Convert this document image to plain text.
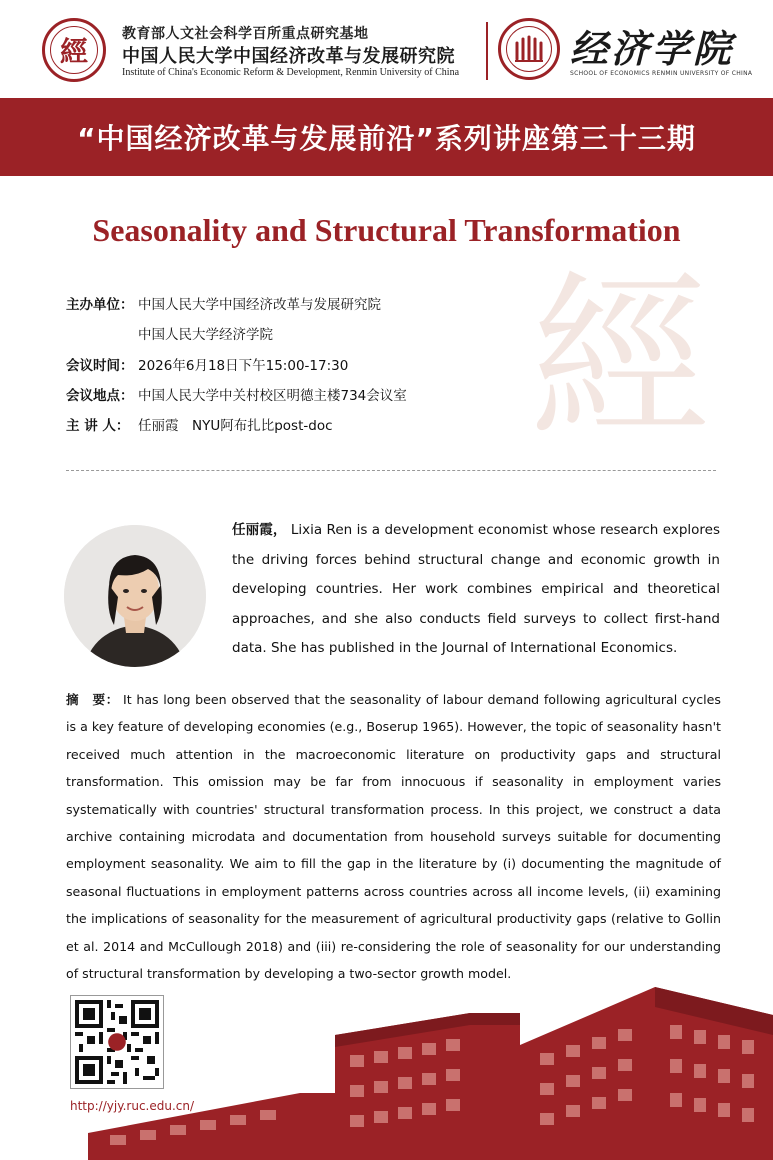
經
教育部人文社会科学百所重点研究基地
中国人民大学中国经济改革与发展研究院
Institute of China's Economic Reform & Development, Renmin University of China
经济学院
SCHOOL OF ECONOMICS RENMIN UNIVERSITY OF CHINA
“中国经济改革与发展前沿”系列讲座第三十三期
經
Seasonality and Structural Transformation
主办单位： 中国人民大学中国经济改革与发展研究院
中国人民大学经济学院
会议时间： 2026年6月18日下午15:00-17:30
会议地点： 中国人民大学中关村校区明德主楼734会议室
主 讲 人： 任丽霞　NYU阿布扎比post-doc
任丽霞， Lixia Ren is a development economist whose research explores the driving forces behind structural change and economic growth in developing countries. Her work combines empirical and theoretical approaches, and she also conducts field surveys to collect first-hand data. She has published in the Journal of International Economics.
摘　要： It has long been observed that the seasonality of labour demand following agricultural cycles is a key feature of developing economies (e.g., Boserup 1965). However, the topic of seasonality hasn't received much attention in the macroeconomic literature on productivity gaps and structural transformation. This omission may be far from innocuous if seasonality in employment varies systematically with countries' structural transformation process. In this project, we construct a data archive containing microdata and documentation from household surveys suitable for documenting employment seasonality. We aim to fill the gap in the literature by (i) documenting the magnitude of seasonal fluctuations in employment patterns across countries across all income levels, (ii) examining the implications of seasonality for the measurement of agricultural productivity gaps (relative to Gollin et al. 2014 and McCullough 2018) and (iii) re-considering the role of seasonality for our understanding of structural transformation by developing a two-sector growth model.
http://yjy.ruc.edu.cn/
